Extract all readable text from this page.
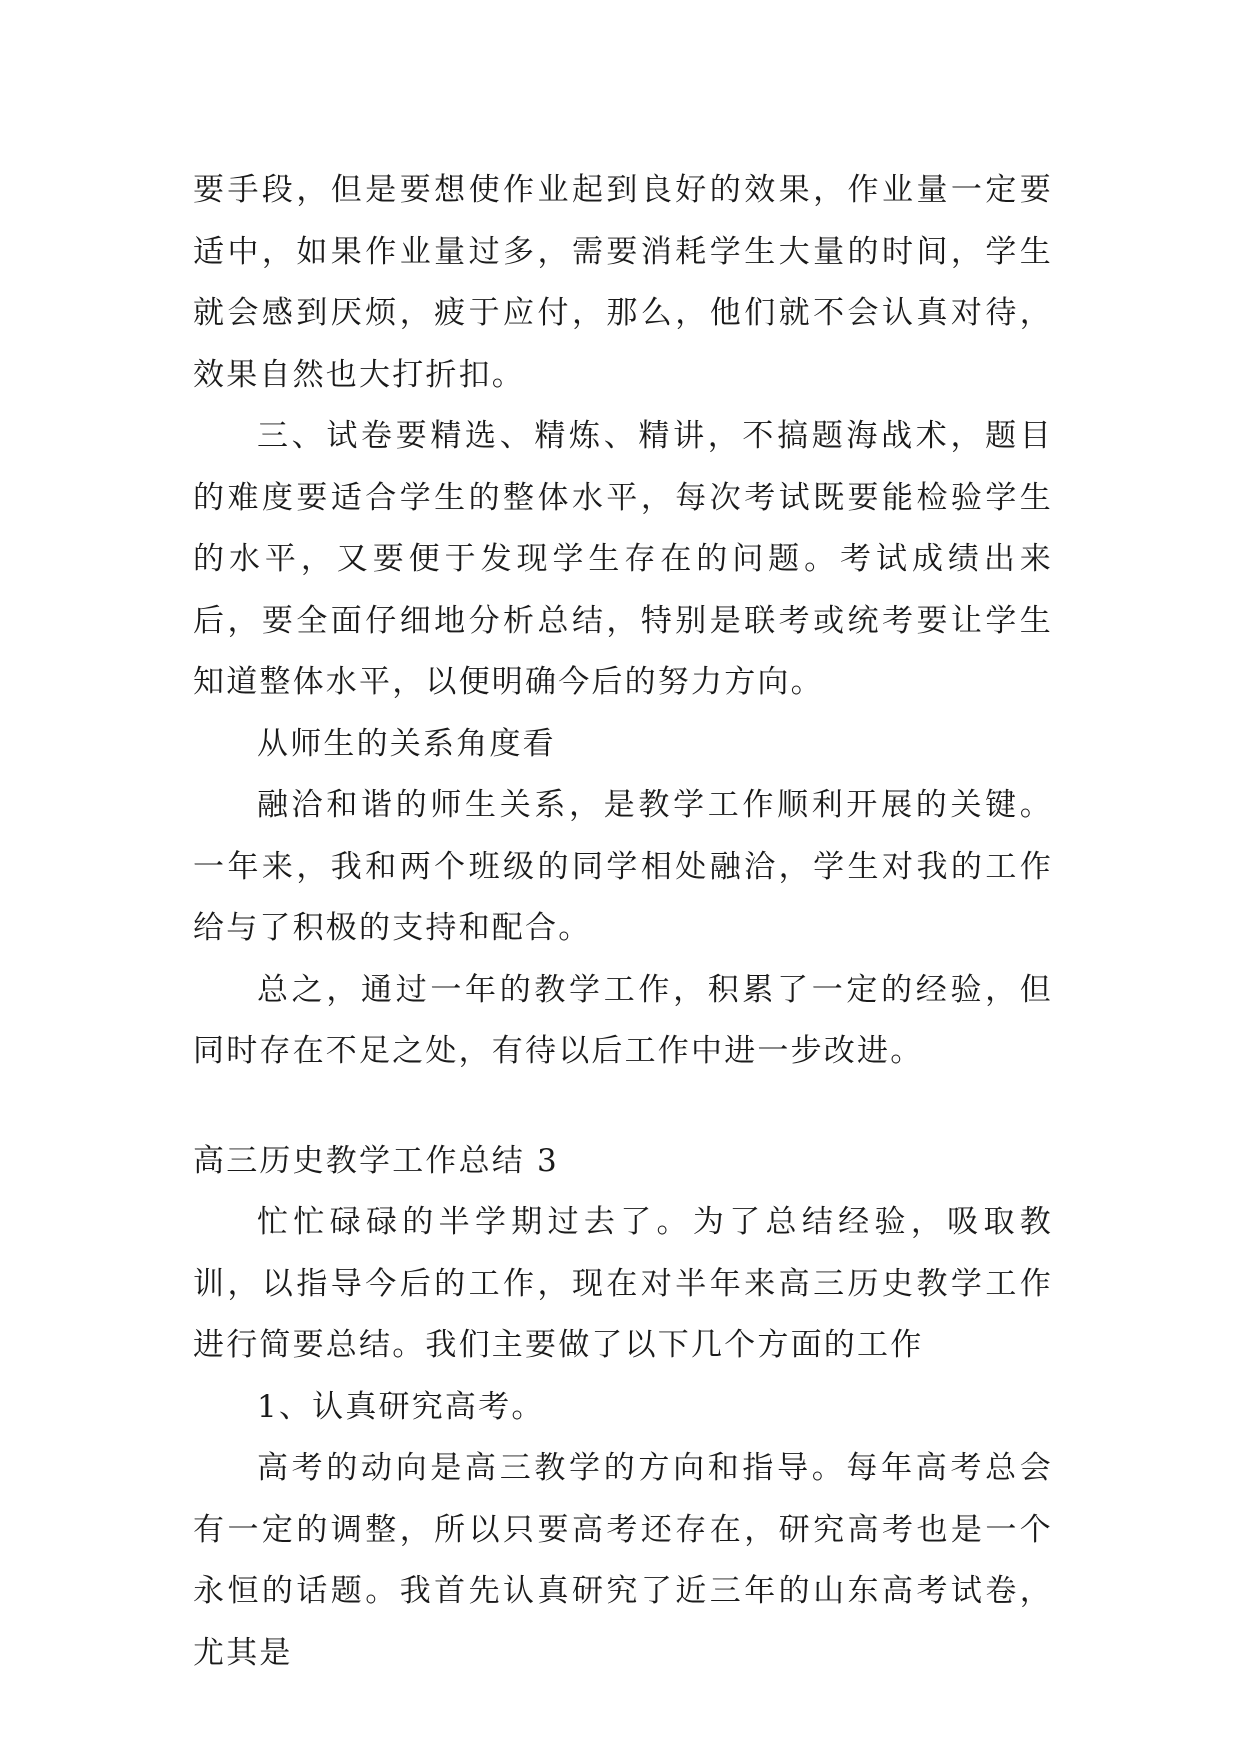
要手段，但是要想使作业起到良好的效果，作业量一定要适中，如果作业量过多，需要消耗学生大量的时间，学生就会感到厌烦，疲于应付，那么，他们就不会认真对待，效果自然也大打折扣。

三、试卷要精选、精炼、精讲，不搞题海战术，题目的难度要适合学生的整体水平，每次考试既要能检验学生的水平，又要便于发现学生存在的问题。考试成绩出来后，要全面仔细地分析总结，特别是联考或统考要让学生知道整体水平，以便明确今后的努力方向。

从师生的关系角度看

融洽和谐的师生关系，是教学工作顺利开展的关键。一年来，我和两个班级的同学相处融洽，学生对我的工作给与了积极的支持和配合。

总之，通过一年的教学工作，积累了一定的经验，但同时存在不足之处，有待以后工作中进一步改进。

高三历史教学工作总结 3

忙忙碌碌的半学期过去了。为了总结经验，吸取教训，以指导今后的工作，现在对半年来高三历史教学工作进行简要总结。我们主要做了以下几个方面的工作

1、认真研究高考。

高考的动向是高三教学的方向和指导。每年高考总会有一定的调整，所以只要高考还存在，研究高考也是一个永恒的话题。我首先认真研究了近三年的山东高考试卷，尤其是
